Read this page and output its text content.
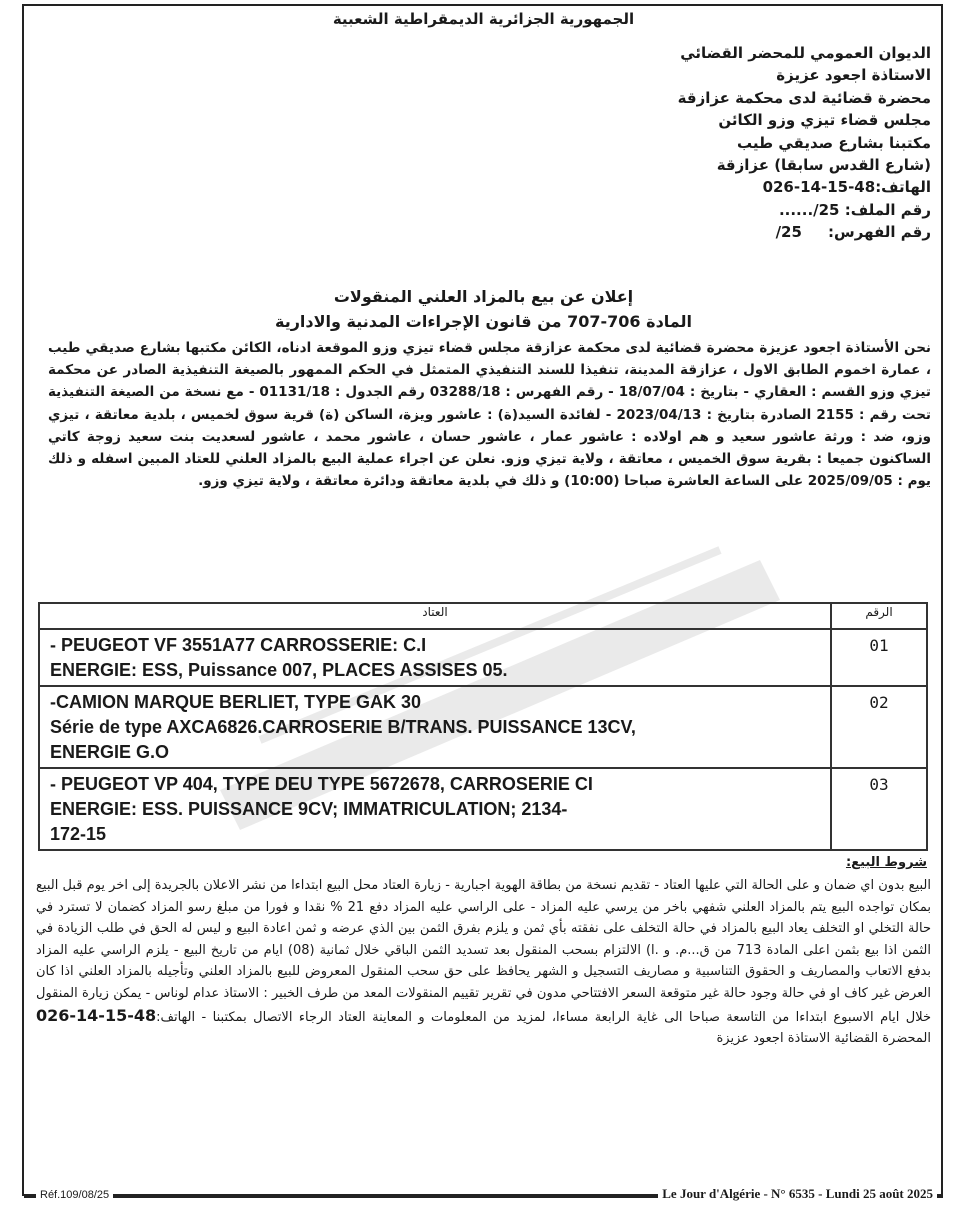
الجمهورية الجزائرية الديمقراطية الشعبية
الديوان العمومي للمحضر القضائي
الاستاذة اجعود عزيزة
محضرة قضائية لدى محكمة عزازقة
مجلس قضاء تيزي وزو الكائن
مكتبنا بشارع صديقي طيب
(شارع القدس سابقا) عزازقة
الهاتف:026-14-15-48
رقم الملف: ....../25
رقم الفهرس:     /25
إعلان عن بيع بالمزاد العلني المنقولات
المادة 706-707 من قانون الإجراءات المدنية والادارية
نحن الأستاذة اجعود عزيزة محضرة قضائية لدى محكمة عزازقة مجلس قضاء تيزي وزو الموقعة ادناه، الكائن مكتبها بشارع صديقي طيب ، عمارة اخموم الطابق الاول ، عزازقة المدينة، تنفيذا للسند التنفيذي المتمثل في الحكم الممهور بالصيغة التنفيذية الصادر عن محكمة تيزي وزو القسم : العقاري - بتاريخ : 18/07/04 - رقم الفهرس : 03288/18 رقم الجدول : 01131/18 - مع نسخة من الصيغة التنفيذية تحت رقم : 2155 الصادرة بتاريخ : 2023/04/13 - لفائدة السيد(ة) : عاشور ويزة، الساكن (ة) قرية سوق لخميس ، بلدية معاتقة ، تيزي وزو، ضد : ورثة عاشور سعيد و هم اولاده : عاشور عمار ، عاشور حسان ، عاشور محمد ، عاشور لسعديت بنت سعيد زوجة كاتي الساكنون جميعا : بقرية سوق الخميس ، معاتقة ، ولاية تيزي وزو. نعلن عن اجراء عملية البيع بالمزاد العلني للعتاد المبين اسفله و ذلك يوم : 2025/09/05 على الساعة العاشرة صباحا (10:00) و ذلك في بلدية معاتقة ودائرة معاتقة ، ولاية تيزي وزو.
الرقم	العتاد
01	- PEUGEOT VF 3551A77 CARROSSERIE: C.I
ENERGIE: ESS, Puissance 007, PLACES ASSISES 05.

02	-CAMION MARQUE BERLIET, TYPE GAK 30
Série de type AXCA6826.CARROSERIE B/TRANS. PUISSANCE 13CV,
ENERGIE G.O

03	- PEUGEOT VP 404, TYPE DEU TYPE 5672678, CARROSERIE CI
ENERGIE: ESS. PUISSANCE 9CV; IMMATRICULATION; 2134-
172-15
شروط البيع:
البيع بدون اي ضمان و على الحالة التي عليها العتاد - تقديم نسخة من بطاقة الهوية اجبارية - زيارة العتاد محل البيع ابتداءا من نشر الاعلان بالجريدة إلى اخر يوم قبل البيع بمكان تواجده البيع يتم بالمزاد العلني شفهي باخر من يرسي عليه المزاد - على الراسي عليه المزاد دفع 21 % نقدا و فورا من مبلغ رسو المزاد كضمان لا تسترد في حالة التخلي او التخلف يعاد البيع بالمزاد في حالة التخلف على نفقته بأي ثمن و يلزم بفرق الثمن بين الذي عرضه و ثمن اعادة البيع و ليس له الحق في طلب الزيادة في الثمن اذا بيع بثمن اعلى المادة 713 من ق...م. و .ا) الالتزام بسحب المنقول بعد تسديد الثمن الباقي خلال ثمانية (08) ايام من تاريخ البيع - يلزم الراسي عليه المزاد بدفع الاتعاب والمصاريف و الحقوق التناسبية و مصاريف التسجيل و الشهر يحافظ على حق سحب المنقول المعروض للبيع بالمزاد العلني وتأجيله بالمزاد العلني اذا كان العرض غير كاف او في حالة وجود حالة غير متوقعة السعر الافتتاحي مدون في تقرير تقييم المنقولات المعد من طرف الخبير : الاستاذ عدام لوناس - يمكن زيارة المنقول خلال ايام الاسبوع ابتداءا من التاسعة صباحا الى غاية الرابعة مساءا، لمزيد من المعلومات و المعاينة العتاد الرجاء الاتصال بمكتبنا - الهاتف:026-14-15-48 المحضرة القضائية الاستاذة اجعود عزيزة
Réf.109/08/25	Le Jour d'Algérie - N° 6535 - Lundi 25 août 2025
